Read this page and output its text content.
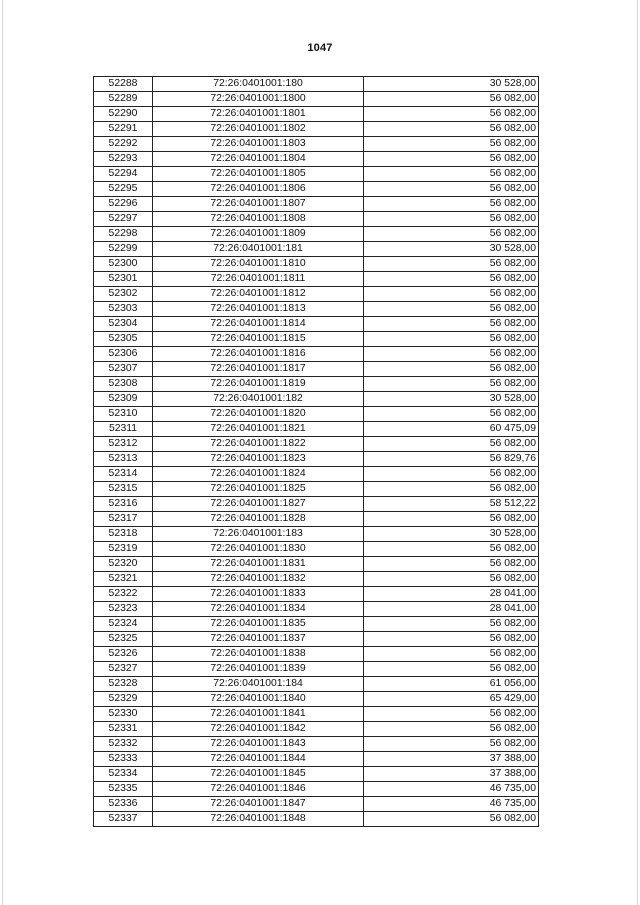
1047
52288	72:26:0401001:180	30 528,00
52289	72:26:0401001:1800	56 082,00
52290	72:26:0401001:1801	56 082,00
52291	72:26:0401001:1802	56 082,00
52292	72:26:0401001:1803	56 082,00
52293	72:26:0401001:1804	56 082,00
52294	72:26:0401001:1805	56 082,00
52295	72:26:0401001:1806	56 082,00
52296	72:26:0401001:1807	56 082,00
52297	72:26:0401001:1808	56 082,00
52298	72:26:0401001:1809	56 082,00
52299	72:26:0401001:181	30 528,00
52300	72:26:0401001:1810	56 082,00
52301	72:26:0401001:1811	56 082,00
52302	72:26:0401001:1812	56 082,00
52303	72:26:0401001:1813	56 082,00
52304	72:26:0401001:1814	56 082,00
52305	72:26:0401001:1815	56 082,00
52306	72:26:0401001:1816	56 082,00
52307	72:26:0401001:1817	56 082,00
52308	72:26:0401001:1819	56 082,00
52309	72:26:0401001:182	30 528,00
52310	72:26:0401001:1820	56 082,00
52311	72:26:0401001:1821	60 475,09
52312	72:26:0401001:1822	56 082,00
52313	72:26:0401001:1823	56 829,76
52314	72:26:0401001:1824	56 082,00
52315	72:26:0401001:1825	56 082,00
52316	72:26:0401001:1827	58 512,22
52317	72:26:0401001:1828	56 082,00
52318	72:26:0401001:183	30 528,00
52319	72:26:0401001:1830	56 082,00
52320	72:26:0401001:1831	56 082,00
52321	72:26:0401001:1832	56 082,00
52322	72:26:0401001:1833	28 041,00
52323	72:26:0401001:1834	28 041,00
52324	72:26:0401001:1835	56 082,00
52325	72:26:0401001:1837	56 082,00
52326	72:26:0401001:1838	56 082,00
52327	72:26:0401001:1839	56 082,00
52328	72:26:0401001:184	61 056,00
52329	72:26:0401001:1840	65 429,00
52330	72:26:0401001:1841	56 082,00
52331	72:26:0401001:1842	56 082,00
52332	72:26:0401001:1843	56 082,00
52333	72:26:0401001:1844	37 388,00
52334	72:26:0401001:1845	37 388,00
52335	72:26:0401001:1846	46 735,00
52336	72:26:0401001:1847	46 735,00
52337	72:26:0401001:1848	56 082,00
